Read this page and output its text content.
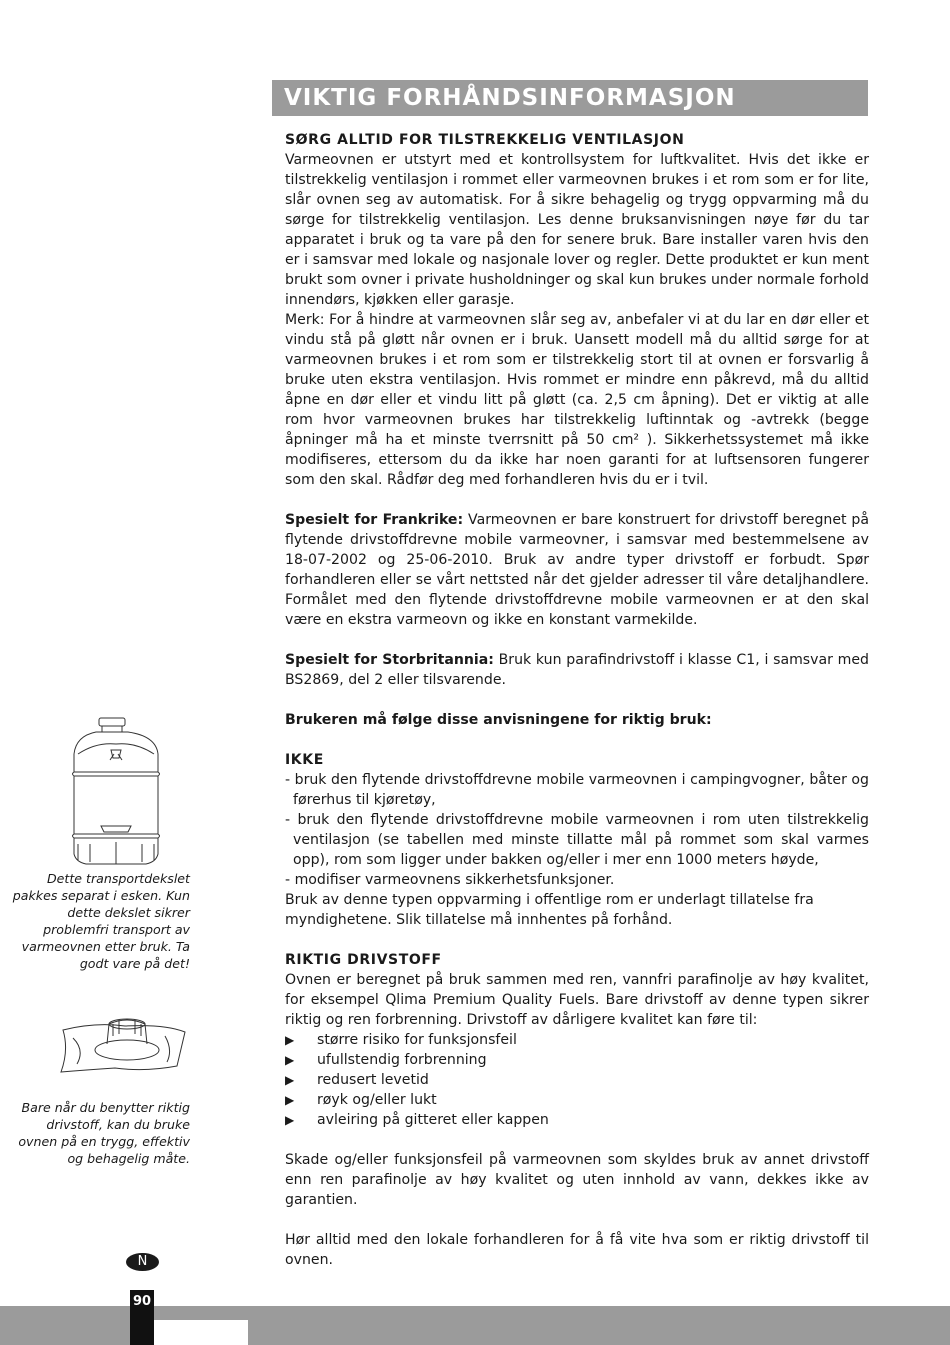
VIKTIG FORHÅNDSINFORMASJON
SØRG ALLTID FOR TILSTREKKELIG VENTILASJON

Varmeovnen er utstyrt med et kontrollsystem for luftkvalitet. Hvis det ikke er tilstrekkelig ventilasjon i rommet eller varmeovnen brukes i et rom som er for lite, slår ovnen seg av automatisk. For å sikre behagelig og trygg oppvarming må du sørge for tilstrekkelig ventilasjon. Les denne bruksanvisningen nøye før du tar apparatet i bruk og ta vare på den for senere bruk. Bare installer varen hvis den er i samsvar med lokale og nasjonale lover og regler. Dette produktet er kun ment brukt som ovner i private husholdninger og skal kun brukes under normale forhold innendørs, kjøkken eller garasje.

Merk: For å hindre at varmeovnen slår seg av, anbefaler vi at du lar en dør eller et vindu stå på gløtt når ovnen er i bruk. Uansett modell må du alltid sørge for at varmeovnen brukes i et rom som er tilstrekkelig stort til at ovnen er forsvarlig å bruke uten ekstra ventilasjon. Hvis rommet er mindre enn påkrevd, må du alltid åpne en dør eller et vindu litt på gløtt (ca. 2,5 cm åpning). Det er viktig at alle rom hvor varmeovnen brukes har tilstrekkelig luftinntak og -avtrekk (begge åpninger må ha et minste tverrsnitt på 50 cm² ). Sikkerhetssystemet må ikke modifiseres, ettersom du da ikke har noen garanti for at luftsensoren fungerer som den skal. Rådfør deg med forhandleren hvis du er i tvil.

Spesielt for Frankrike: Varmeovnen er bare konstruert for drivstoff beregnet på flytende drivstoffdrevne mobile varmeovner, i samsvar med bestemmelsene av 18-07-2002 og 25-06-2010. Bruk av andre typer drivstoff er forbudt. Spør forhandleren eller se vårt nettsted når det gjelder adresser til våre detaljhandlere. Formålet med den flytende drivstoffdrevne mobile varmeovnen er at den skal være en ekstra varmeovn og ikke en konstant varmekilde.

Spesielt for Storbritannia: Bruk kun parafindrivstoff i klasse C1, i samsvar med BS2869, del 2 eller tilsvarende.

Brukeren må følge disse anvisningene for riktig bruk:

IKKE

- bruk den flytende drivstoffdrevne mobile varmeovnen i campingvogner, båter og førerhus til kjøretøy,

- bruk den flytende drivstoffdrevne mobile varmeovnen i rom uten tilstrekkelig ventilasjon (se tabellen med minste tillatte mål på rommet som skal varmes opp), rom som ligger under bakken og/eller i mer enn 1000 meters høyde,

- modifiser varmeovnens sikkerhetsfunksjoner.

Bruk av denne typen oppvarming i offentlige rom er underlagt tillatelse fra myndighetene. Slik tillatelse må innhentes på forhånd.

RIKTIG DRIVSTOFF

Ovnen er beregnet på bruk sammen med ren, vannfri parafinolje av høy kvalitet, for eksempel Qlima Premium Quality Fuels. Bare drivstoff av denne typen sikrer riktig og ren forbrenning. Drivstoff av dårligere kvalitet kan føre til:

▶	større risiko for funksjonsfeil
▶	ufullstendig forbrenning
▶	redusert levetid
▶	røyk og/eller lukt
▶	avleiring på gitteret eller kappen

Skade og/eller funksjonsfeil på varmeovnen som skyldes bruk av annet drivstoff enn ren parafinolje av høy kvalitet og uten innhold av vann, dekkes ikke av garantien.

Hør alltid med den lokale forhandleren for å få vite hva som er riktig drivstoff til ovnen.

Dette transportdekslet pakkes separat i esken. Kun dette dekslet sikrer problemfri transport av varmeovnen etter bruk. Ta godt vare på det!
Bare når du benytter riktig drivstoff, kan du bruke ovnen på en trygg, effektiv og behagelig måte.
N
90
